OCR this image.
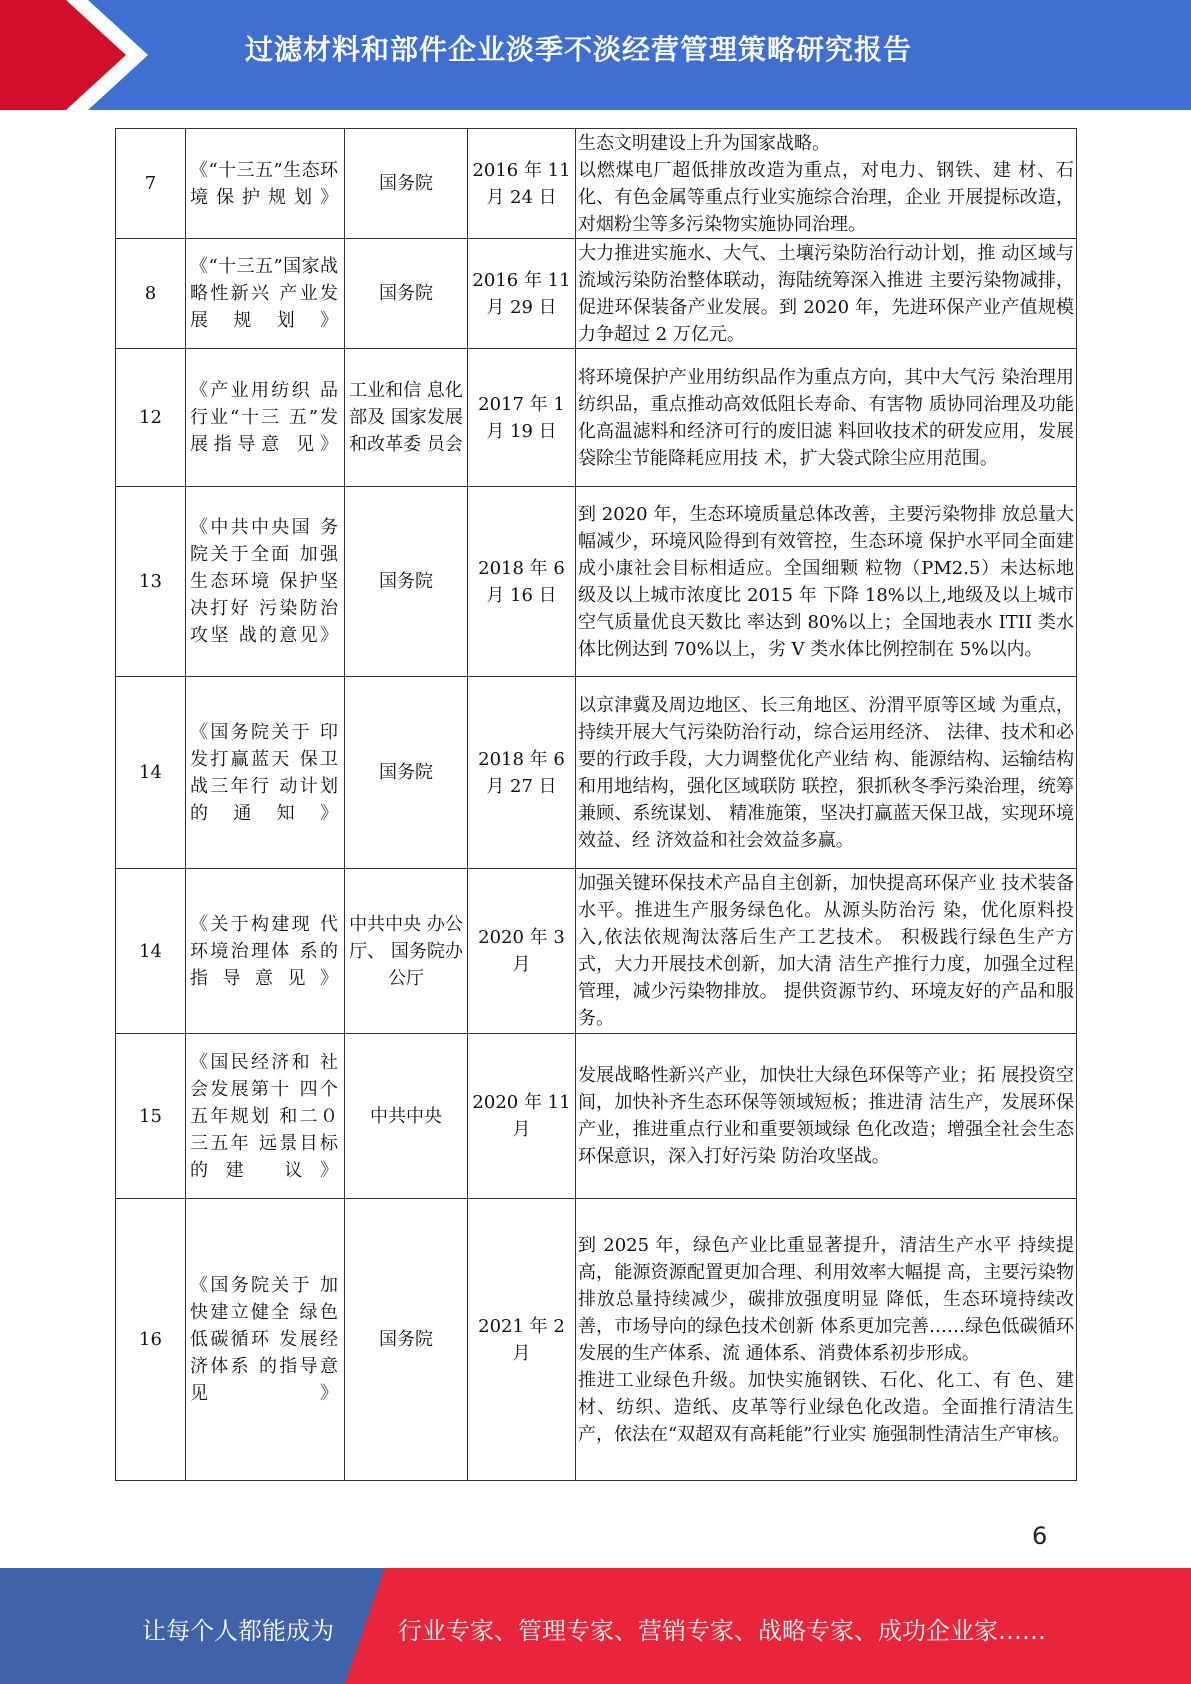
过滤材料和部件企业淡季不淡经营管理策略研究报告
7	《“十三五”生态环境保护规划》	国务院	2016 年 11 月 24 日	生态文明建设上升为国家战略。
以燃煤电厂超低排放改造为重点，对电力、钢铁、建 材、石化、有色金属等重点行业实施综合治理，企业 开展提标改造，对烟粉尘等多污染物实施协同治理。
8	《“十三五”国家战略性新兴 产业发展规划》	国务院	2016 年 11 月 29 日	大力推进实施水、大气、土壤污染防治行动计划，推 动区域与流域污染防治整体联动，海陆统筹深入推进 主要污染物减排，促进环保装备产业发展。到 2020 年，先进环保产业产值规模力争超过 2 万亿元。
12	《产业用纺织 品行业“十三 五”发展指导意 见》	工业和信 息化部及 国家发展 和改革委 员会	2017 年 1 月 19 日	将环境保护产业用纺织品作为重点方向，其中大气污 染治理用纺织品，重点推动高效低阻长寿命、有害物 质协同治理及功能化高温滤料和经济可行的废旧滤 料回收技术的研发应用，发展袋除尘节能降耗应用技 术，扩大袋式除尘应用范围。
13	《中共中央国 务院关于全面 加强生态环境 保护坚决打好 污染防治攻坚 战的意见》	国务院	2018 年 6 月 16 日	到 2020 年，生态环境质量总体改善，主要污染物排 放总量大幅减少，环境风险得到有效管控，生态环境 保护水平同全面建成小康社会目标相适应。全国细颗 粒物（PM2.5）未达标地级及以上城市浓度比 2015 年 下降 18%以上,地级及以上城市空气质量优良天数比 率达到 80%以上；全国地表水 ITII 类水体比例达到 70%以上，劣 V 类水体比例控制在 5%以内。
14	《国务院关于 印发打赢蓝天 保卫战三年行 动计划的通知》	国务院	2018 年 6 月 27 日	以京津冀及周边地区、长三角地区、汾渭平原等区域 为重点，持续开展大气污染防治行动，综合运用经济、 法律、技术和必要的行政手段，大力调整优化产业结 构、能源结构、运输结构和用地结构，强化区域联防 联控，狠抓秋冬季污染治理，统筹兼顾、系统谋划、 精准施策，坚决打赢蓝天保卫战，实现环境效益、经 济效益和社会效益多赢。
14	《关于构建现 代环境治理体 系的指导意见》	中共中央 办公厅、 国务院办 公厅	2020 年 3 月	加强关键环保技术产品自主创新，加快提高环保产业 技术装备水平。推进生产服务绿色化。从源头防治污 染，优化原料投入,依法依规淘汰落后生产工艺技术。 积极践行绿色生产方式，大力开展技术创新，加大清 洁生产推行力度，加强全过程管理，减少污染物排放。 提供资源节约、环境友好的产品和服务。
15	《国民经济和 社会发展第十 四个五年规划 和二０三五年 远景目标的建 议》	中共中央	2020 年 11 月	发展战略性新兴产业，加快壮大绿色环保等产业；拓 展投资空间，加快补齐生态环保等领域短板；推进清 洁生产，发展环保产业，推进重点行业和重要领域绿 色化改造；增强全社会生态环保意识，深入打好污染 防治攻坚战。
16	《国务院关于 加快建立健全 绿色低碳循环 发展经济体系 的指导意见》	国务院	2021 年 2 月	到 2025 年，绿色产业比重显著提升，清洁生产水平 持续提高，能源资源配置更加合理、利用效率大幅提 高，主要污染物排放总量持续减少，碳排放强度明显 降低，生态环境持续改善，市场导向的绿色技术创新 体系更加完善……绿色低碳循环发展的生产体系、流 通体系、消费体系初步形成。
推进工业绿色升级。加快实施钢铁、石化、化工、有 色、建材、纺织、造纸、皮革等行业绿色化改造。全面推行清洁生产，依法在“双超双有高耗能”行业实 施强制性清洁生产审核。
6
让每个人都能成为	行业专家、管理专家、营销专家、战略专家、成功企业家……
